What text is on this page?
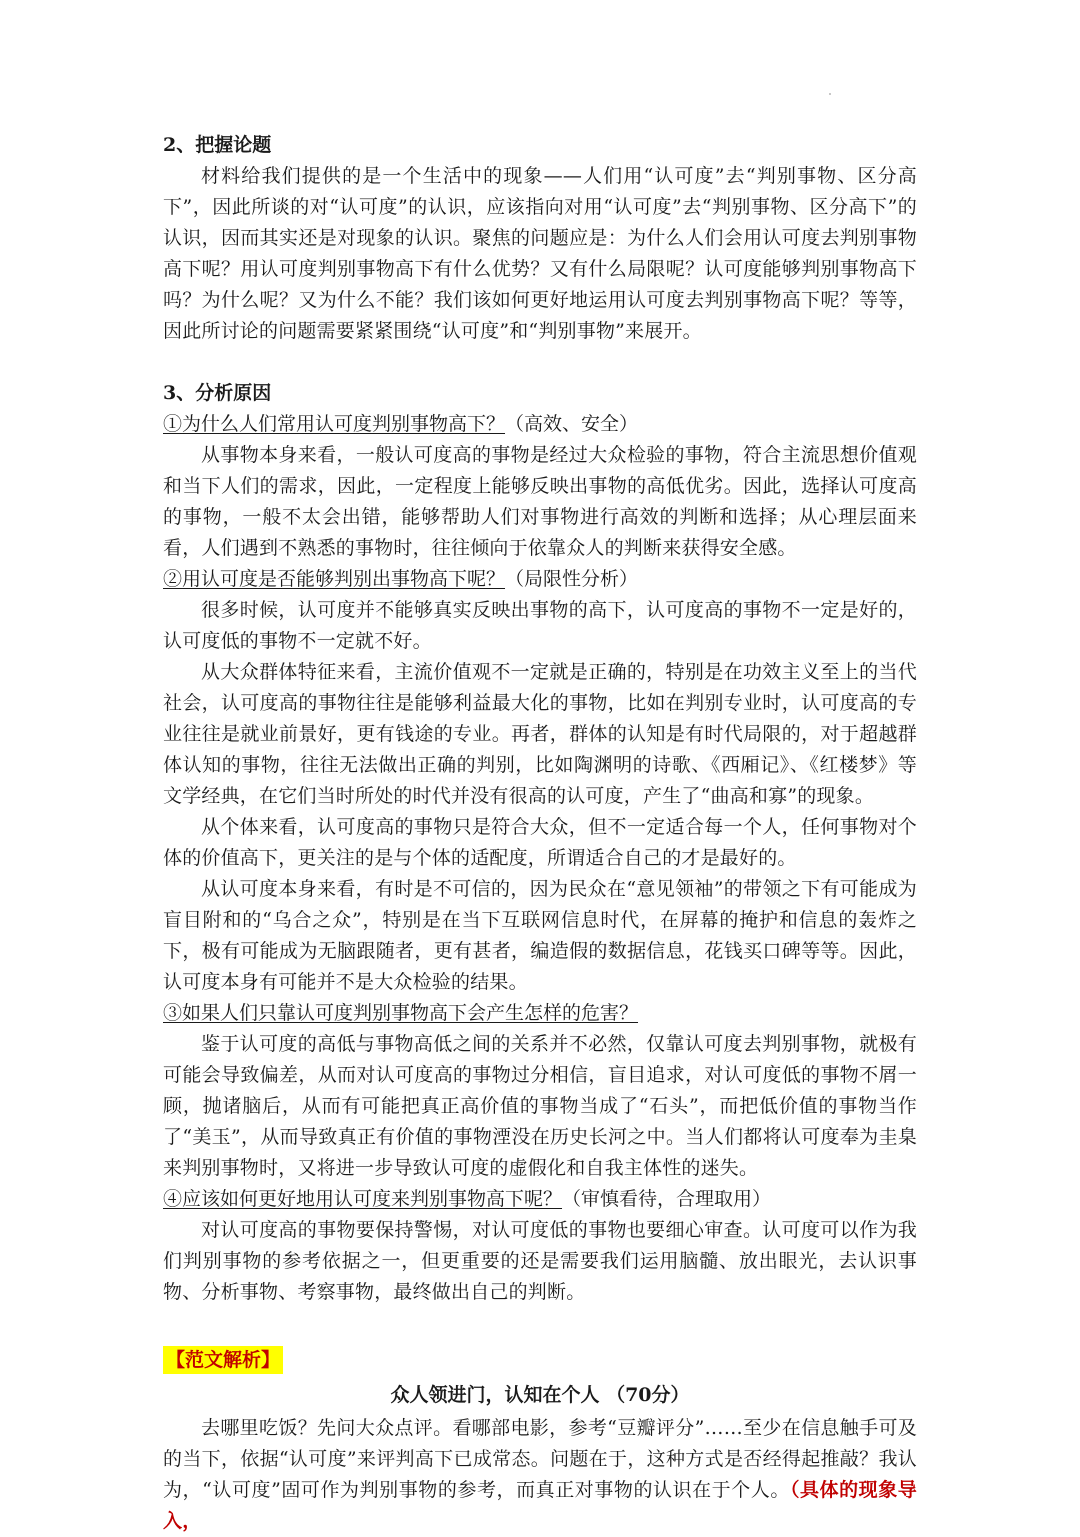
2、把握论题

材料给我们提供的是一个生活中的现象——人们用“认可度”去“判别事物、区分高下”，因此所谈的对“认可度”的认识，应该指向对用“认可度”去“判别事物、区分高下”的认识，因而其实还是对现象的认识。聚焦的问题应是：为什么人们会用认可度去判别事物高下呢？用认可度判别事物高下有什么优势？又有什么局限呢？认可度能够判别事物高下吗？为什么呢？又为什么不能？我们该如何更好地运用认可度去判别事物高下呢？等等，因此所讨论的问题需要紧紧围绕“认可度”和“判别事物”来展开。

3、分析原因
①为什么人们常用认可度判别事物高下？（高效、安全）

从事物本身来看，一般认可度高的事物是经过大众检验的事物，符合主流思想价值观和当下人们的需求，因此，一定程度上能够反映出事物的高低优劣。因此，选择认可度高的事物，一般不太会出错，能够帮助人们对事物进行高效的判断和选择；从心理层面来看，人们遇到不熟悉的事物时，往往倾向于依靠众人的判断来获得安全感。

②用认可度是否能够判别出事物高下呢？（局限性分析）

很多时候，认可度并不能够真实反映出事物的高下，认可度高的事物不一定是好的，认可度低的事物不一定就不好。

从大众群体特征来看，主流价值观不一定就是正确的，特别是在功效主义至上的当代社会，认可度高的事物往往是能够利益最大化的事物，比如在判别专业时，认可度高的专业往往是就业前景好，更有钱途的专业。再者，群体的认知是有时代局限的，对于超越群体认知的事物，往往无法做出正确的判别，比如陶渊明的诗歌、《西厢记》、《红楼梦》等文学经典，在它们当时所处的时代并没有很高的认可度，产生了“曲高和寡”的现象。

从个体来看，认可度高的事物只是符合大众，但不一定适合每一个人，任何事物对个体的价值高下，更关注的是与个体的适配度，所谓适合自己的才是最好的。

从认可度本身来看，有时是不可信的，因为民众在“意见领袖”的带领之下有可能成为盲目附和的“乌合之众”，特别是在当下互联网信息时代，在屏幕的掩护和信息的轰炸之下，极有可能成为无脑跟随者，更有甚者，编造假的数据信息，花钱买口碑等等。因此，认可度本身有可能并不是大众检验的结果。

③如果人们只靠认可度判别事物高下会产生怎样的危害？

鉴于认可度的高低与事物高低之间的关系并不必然，仅靠认可度去判别事物，就极有可能会导致偏差，从而对认可度高的事物过分相信，盲目追求，对认可度低的事物不屑一顾，抛诸脑后，从而有可能把真正高价值的事物当成了“石头”，而把低价值的事物当作了“美玉”，从而导致真正有价值的事物湮没在历史长河之中。当人们都将认可度奉为圭臬来判别事物时，又将进一步导致认可度的虚假化和自我主体性的迷失。

④应该如何更好地用认可度来判别事物高下呢？（审慎看待，合理取用）

对认可度高的事物要保持警惕，对认可度低的事物也要细心审查。认可度可以作为我们判别事物的参考依据之一，但更重要的还是需要我们运用脑髓、放出眼光，去认识事物、分析事物、考察事物，最终做出自己的判断。

【范文解析】
众人领进门，认知在个人 （70分）

去哪里吃饭？先问大众点评。看哪部电影，参考“豆瓣评分”……至少在信息触手可及的当下，依据“认可度”来评判高下已成常态。问题在于，这种方式是否经得起推敲？我认为，“认可度”固可作为判别事物的参考，而真正对事物的认识在于个人。（具体的现象导入，
